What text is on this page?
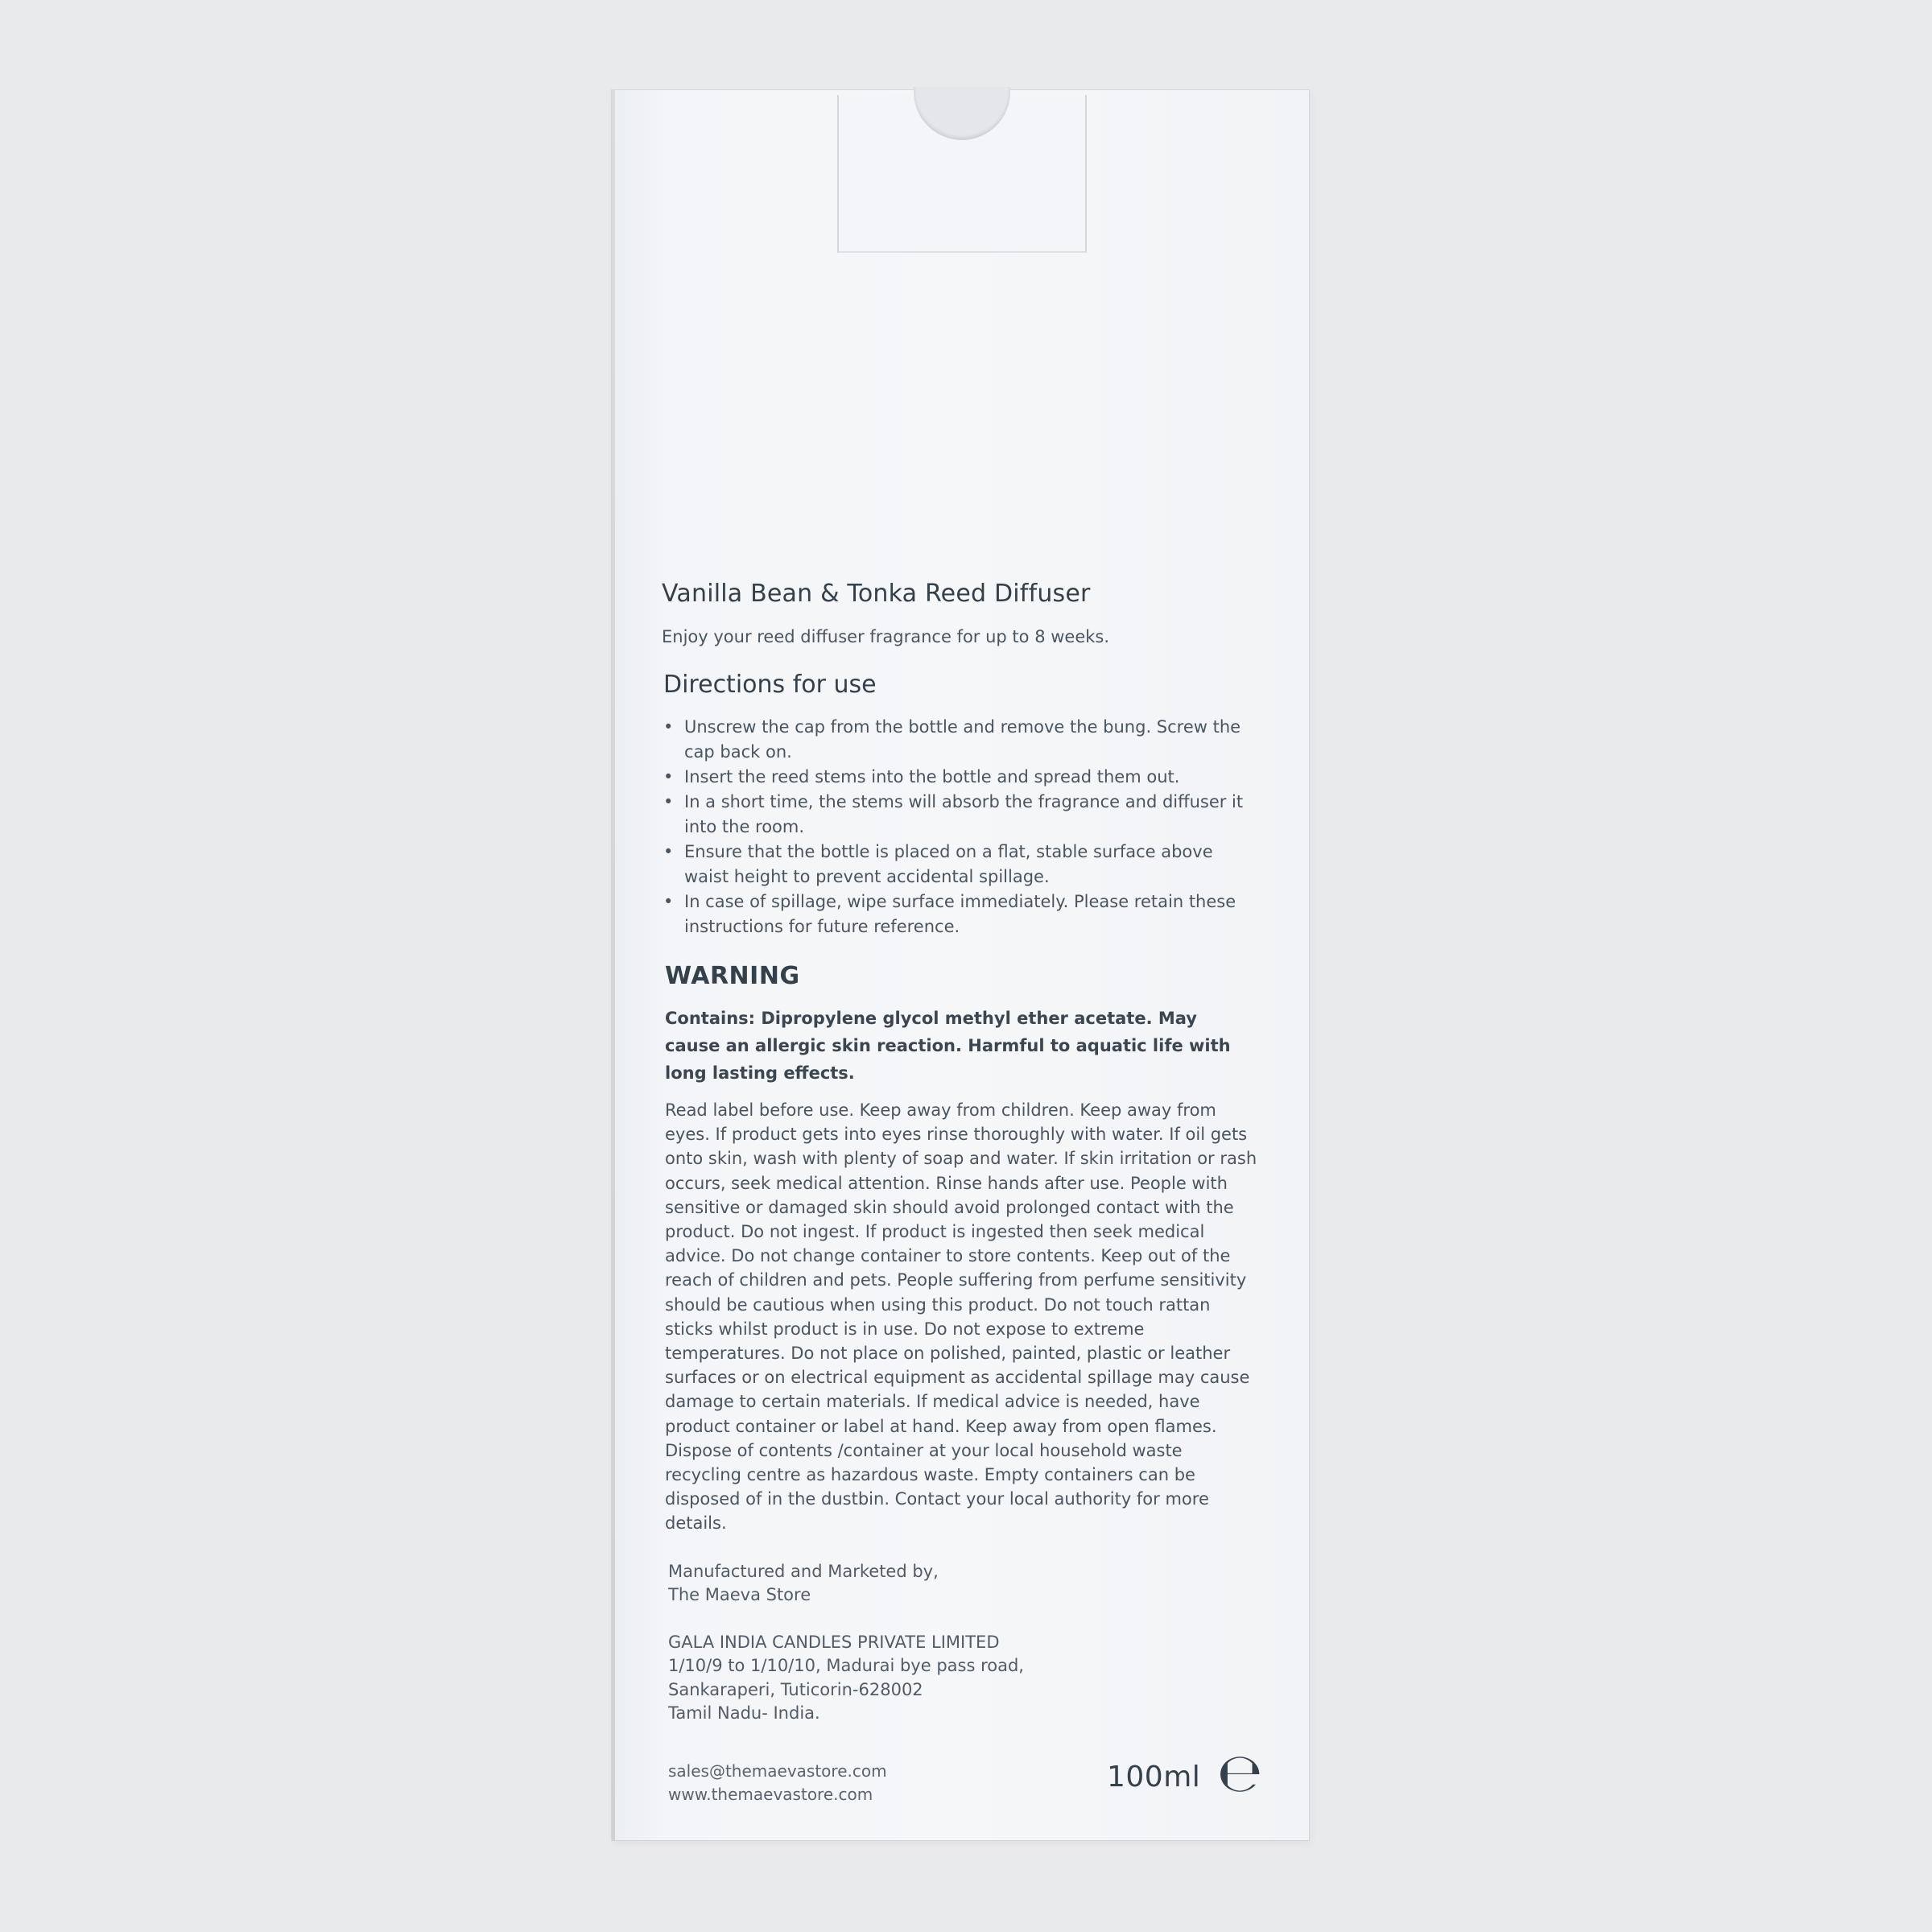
Vanilla Bean & Tonka Reed Diffuser

Enjoy your reed diffuser fragrance for up to 8 weeks.

Directions for use
• Unscrew the cap from the bottle and remove the bung. Screw the cap back on.
• Insert the reed stems into the bottle and spread them out.
• In a short time, the stems will absorb the fragrance and diffuser it into the room.
• Ensure that the bottle is placed on a flat, stable surface above waist height to prevent accidental spillage.
• In case of spillage, wipe surface immediately. Please retain these instructions for future reference.
WARNING

Contains: Dipropylene glycol methyl ether acetate. May cause an allergic skin reaction. Harmful to aquatic life with long lasting effects.

Read label before use. Keep away from children. Keep away from eyes. If product gets into eyes rinse thoroughly with water. If oil gets onto skin, wash with plenty of soap and water. If skin irritation or rash occurs, seek medical attention. Rinse hands after use. People with sensitive or damaged skin should avoid prolonged contact with the product. Do not ingest. If product is ingested then seek medical advice. Do not change container to store contents. Keep out of the reach of children and pets. People suffering from perfume sensitivity should be cautious when using this product. Do not touch rattan sticks whilst product is in use. Do not expose to extreme temperatures. Do not place on polished, painted, plastic or leather surfaces or on electrical equipment as accidental spillage may cause damage to certain materials. If medical advice is needed, have product container or label at hand. Keep away from open flames. Dispose of contents /container at your local household waste recycling centre as hazardous waste. Empty containers can be disposed of in the dustbin. Contact your local authority for more details.

Manufactured and Marketed by,
The Maeva Store
GALA INDIA CANDLES PRIVATE LIMITED
1/10/9 to 1/10/10, Madurai bye pass road,
Sankaraperi, Tuticorin-628002
Tamil Nadu- India.
sales@themaevastore.com
www.themaevastore.com
100ml ℮
